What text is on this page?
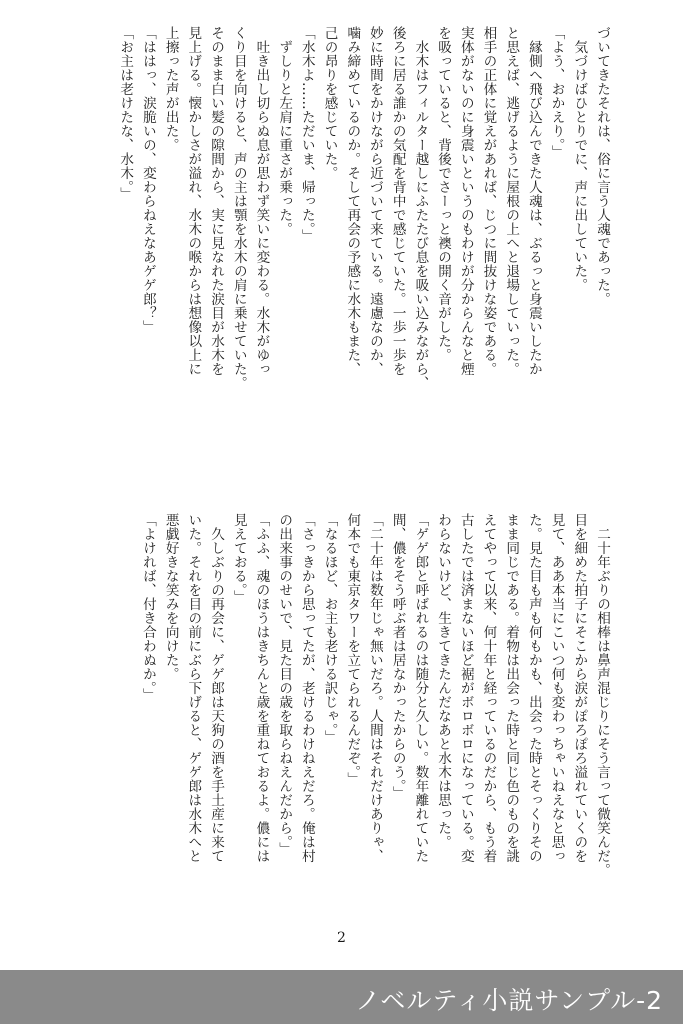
づいてきたそれは、俗に言う人魂であった。

　気づけばひとりでに、声に出していた。

「よう、おかえり。」

　縁側へ飛び込んできた人魂は、ぶるっと身震いしたか

と思えば、逃げるように屋根の上へと退場していった。

相手の正体に覚えがあれば、じつに間抜けな姿である。

実体がないのに身震いというのもわけが分からんなと煙

を吸っていると、背後でさーっと襖の開く音がした。

　水木はフィルター越しにふたたび息を吸い込みながら、

後ろに居る誰かの気配を背中で感じていた。一歩一歩を

妙に時間をかけながら近づいて来ている。遠慮なのか、

噛み締めているのか。そして再会の予感に水木もまた、

己の昂りを感じていた。

「水木よ……ただいま、帰った。」

　ずしりと左肩に重さが乗った。

　吐き出し切らぬ息が思わず笑いに変わる。水木がゆっ

くり目を向けると、声の主は顎を水木の肩に乗せていた。

そのまま白い髪の隙間から、実に見なれた涙目が水木を

見上げる。懐かしさが溢れ、水木の喉からは想像以上に

上擦った声が出た。

「ははっ、涙脆いの、変わらねえなあゲゲ郎？」

「お主は老けたな、水木。」

　二十年ぶりの相棒は鼻声混じりにそう言って微笑んだ。

目を細めた拍子にそこから涙がぽろぽろ溢れていくのを

見て、ああ本当にこいつ何も変わっちゃいねえなと思っ

た。見た目も声も何もかも、出会った時とそっくりその

まま同じである。着物は出会った時と同じ色のものを誂

えてやって以来、何十年と経っているのだから、もう着

古したでは済まないほど裾がボロボロになっている。変

わらないけど、生きてきたんだなあと水木は思った。

「ゲゲ郎と呼ばれるのは随分と久しい。数年離れていた

間、儂をそう呼ぶ者は居なかったからのう。」

「二十年は数年じゃ無いだろ。人間はそれだけありゃ、

何本でも東京タワーを立てられるんだぞ。」

「なるほど、お主も老ける訳じゃ。」

「さっきから思ってたが、老けるわけねえだろ。俺は村

の出来事のせいで、見た目の歳を取らねえんだから。」

「ふふ、魂のほうはきちんと歳を重ねておるよ。儂には

見えておる。」

　久しぶりの再会に、ゲゲ郎は天狗の酒を手土産に来て

いた。それを目の前にぶら下げると、ゲゲ郎は水木へと

悪戯好きな笑みを向けた。

「よければ、付き合わぬか。」

2
ノベルティ小説サンプル-2
